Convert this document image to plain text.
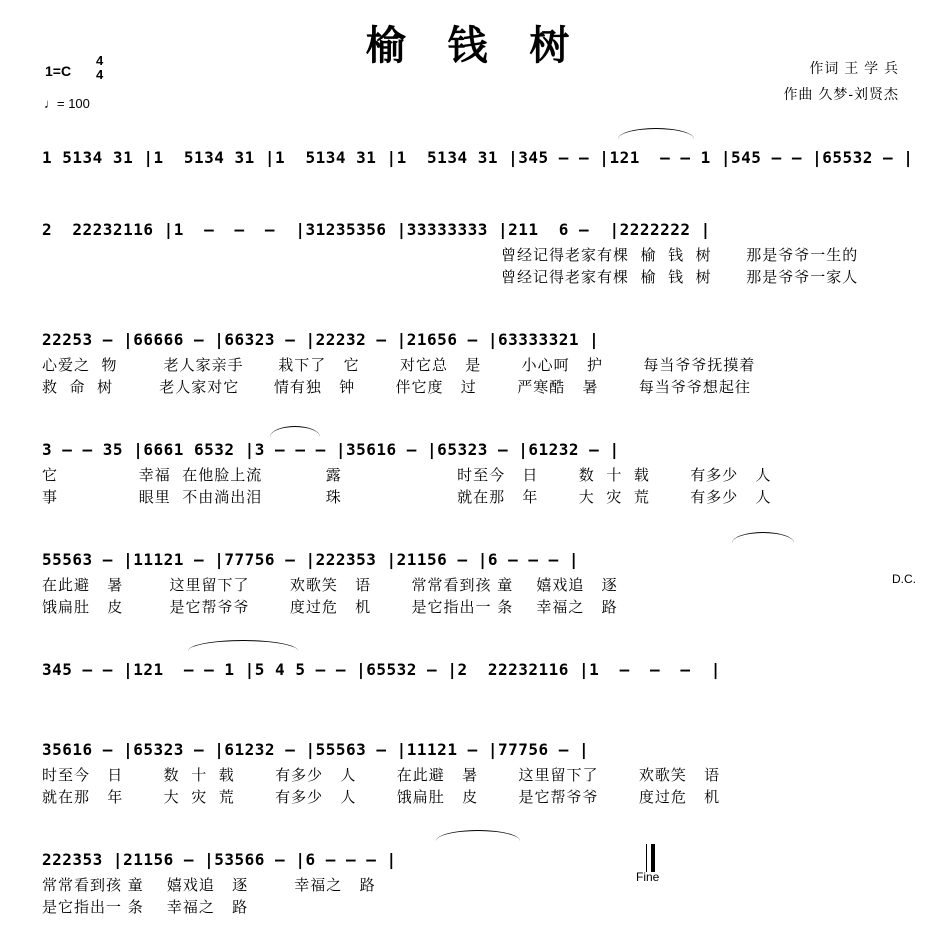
榆 钱 树
1=C
4
4
♩= 100
作词 王 学 兵
作曲 久梦-刘贤杰
1 5134 31 |1  5134 31 |1  5134 31 |1  5134 31 |345 — — |121  — — 1 |545 — — |65532 — |
2  22232116 |1  —  —  —  |31235356 |33333333 |211  6 —  |2222222 |
曾经记得老家有棵  榆  钱  树      那是爷爷一生的
曾经记得老家有棵  榆  钱  树      那是爷爷一家人
22253 — |66666 — |66323 — |22232 — |21656 — |63333321 |
心爱之  物        老人家亲手      栽下了   它       对它总   是       小心呵   护       每当爷爷抚摸着
救  命  树        老人家对它      情有独   钟       伴它度   过       严寒酷   暑       每当爷爷想起往
3 — — 35 |6661 6532 |3 — — — |35616 — |65323 — |61232 — |
它              幸福  在他脸上流           露                    时至今   日       数  十  载       有多少   人
事              眼里  不由淌出泪           珠                    就在那   年       大  灾  荒       有多少   人
55563 — |11121 — |77756 — |222353 |21156 — |6 — — — |
在此避   暑        这里留下了       欢歌笑   语       常常看到孩 童    嬉戏追   逐
饿扁肚   皮        是它帮爷爷       度过危   机       是它指出一 条    幸福之   路
D.C.
345 — — |121  — — 1 |5 4 5 — — |65532 — |2  22232116 |1  —  —  —  |
35616 — |65323 — |61232 — |55563 — |11121 — |77756 — |
时至今   日       数  十  载       有多少   人       在此避   暑       这里留下了       欢歌笑   语
就在那   年       大  灾  荒       有多少   人       饿扁肚   皮       是它帮爷爷       度过危   机
222353 |21156 — |53566 — |6 — — — |
常常看到孩 童    嬉戏追   逐        幸福之   路
是它指出一 条    幸福之   路
Fine
